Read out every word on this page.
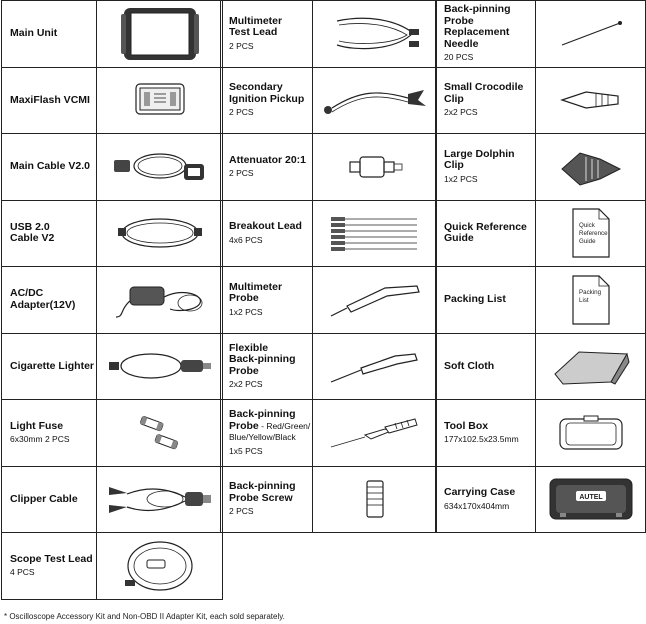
Main Unit
MaxiFlash VCMI
Main Cable V2.0
USB 2.0
Cable V2
AC/DC
Adapter(12V)
Cigarette Lighter
Light Fuse
6x30mm 2 PCS
Clipper Cable
Scope Test Lead
4 PCS
Multimeter
Test Lead
2 PCS
Secondary
Ignition Pickup
2 PCS
Attenuator 20:1
2 PCS
Breakout Lead
4x6 PCS
Multimeter
Probe
1x2 PCS
Flexible
Back-pinning
Probe
2x2 PCS
Back-pinning
Probe - Red/Green/
Blue/Yellow/Black
1x5 PCS
Back-pinning
Probe Screw
2 PCS
Back-pinning
Probe
Replacement
Needle
20 PCS
Small Crocodile
Clip
2x2 PCS
Large Dolphin
Clip
1x2 PCS
Quick Reference
Guide
Quick Reference Guide
Packing List
Packing List
Soft Cloth
Tool Box
177x102.5x23.5mm
Carrying Case
634x170x404mm
AUTEL
* Oscilloscope Accessory Kit and Non-OBD II Adapter Kit, each sold separately.
